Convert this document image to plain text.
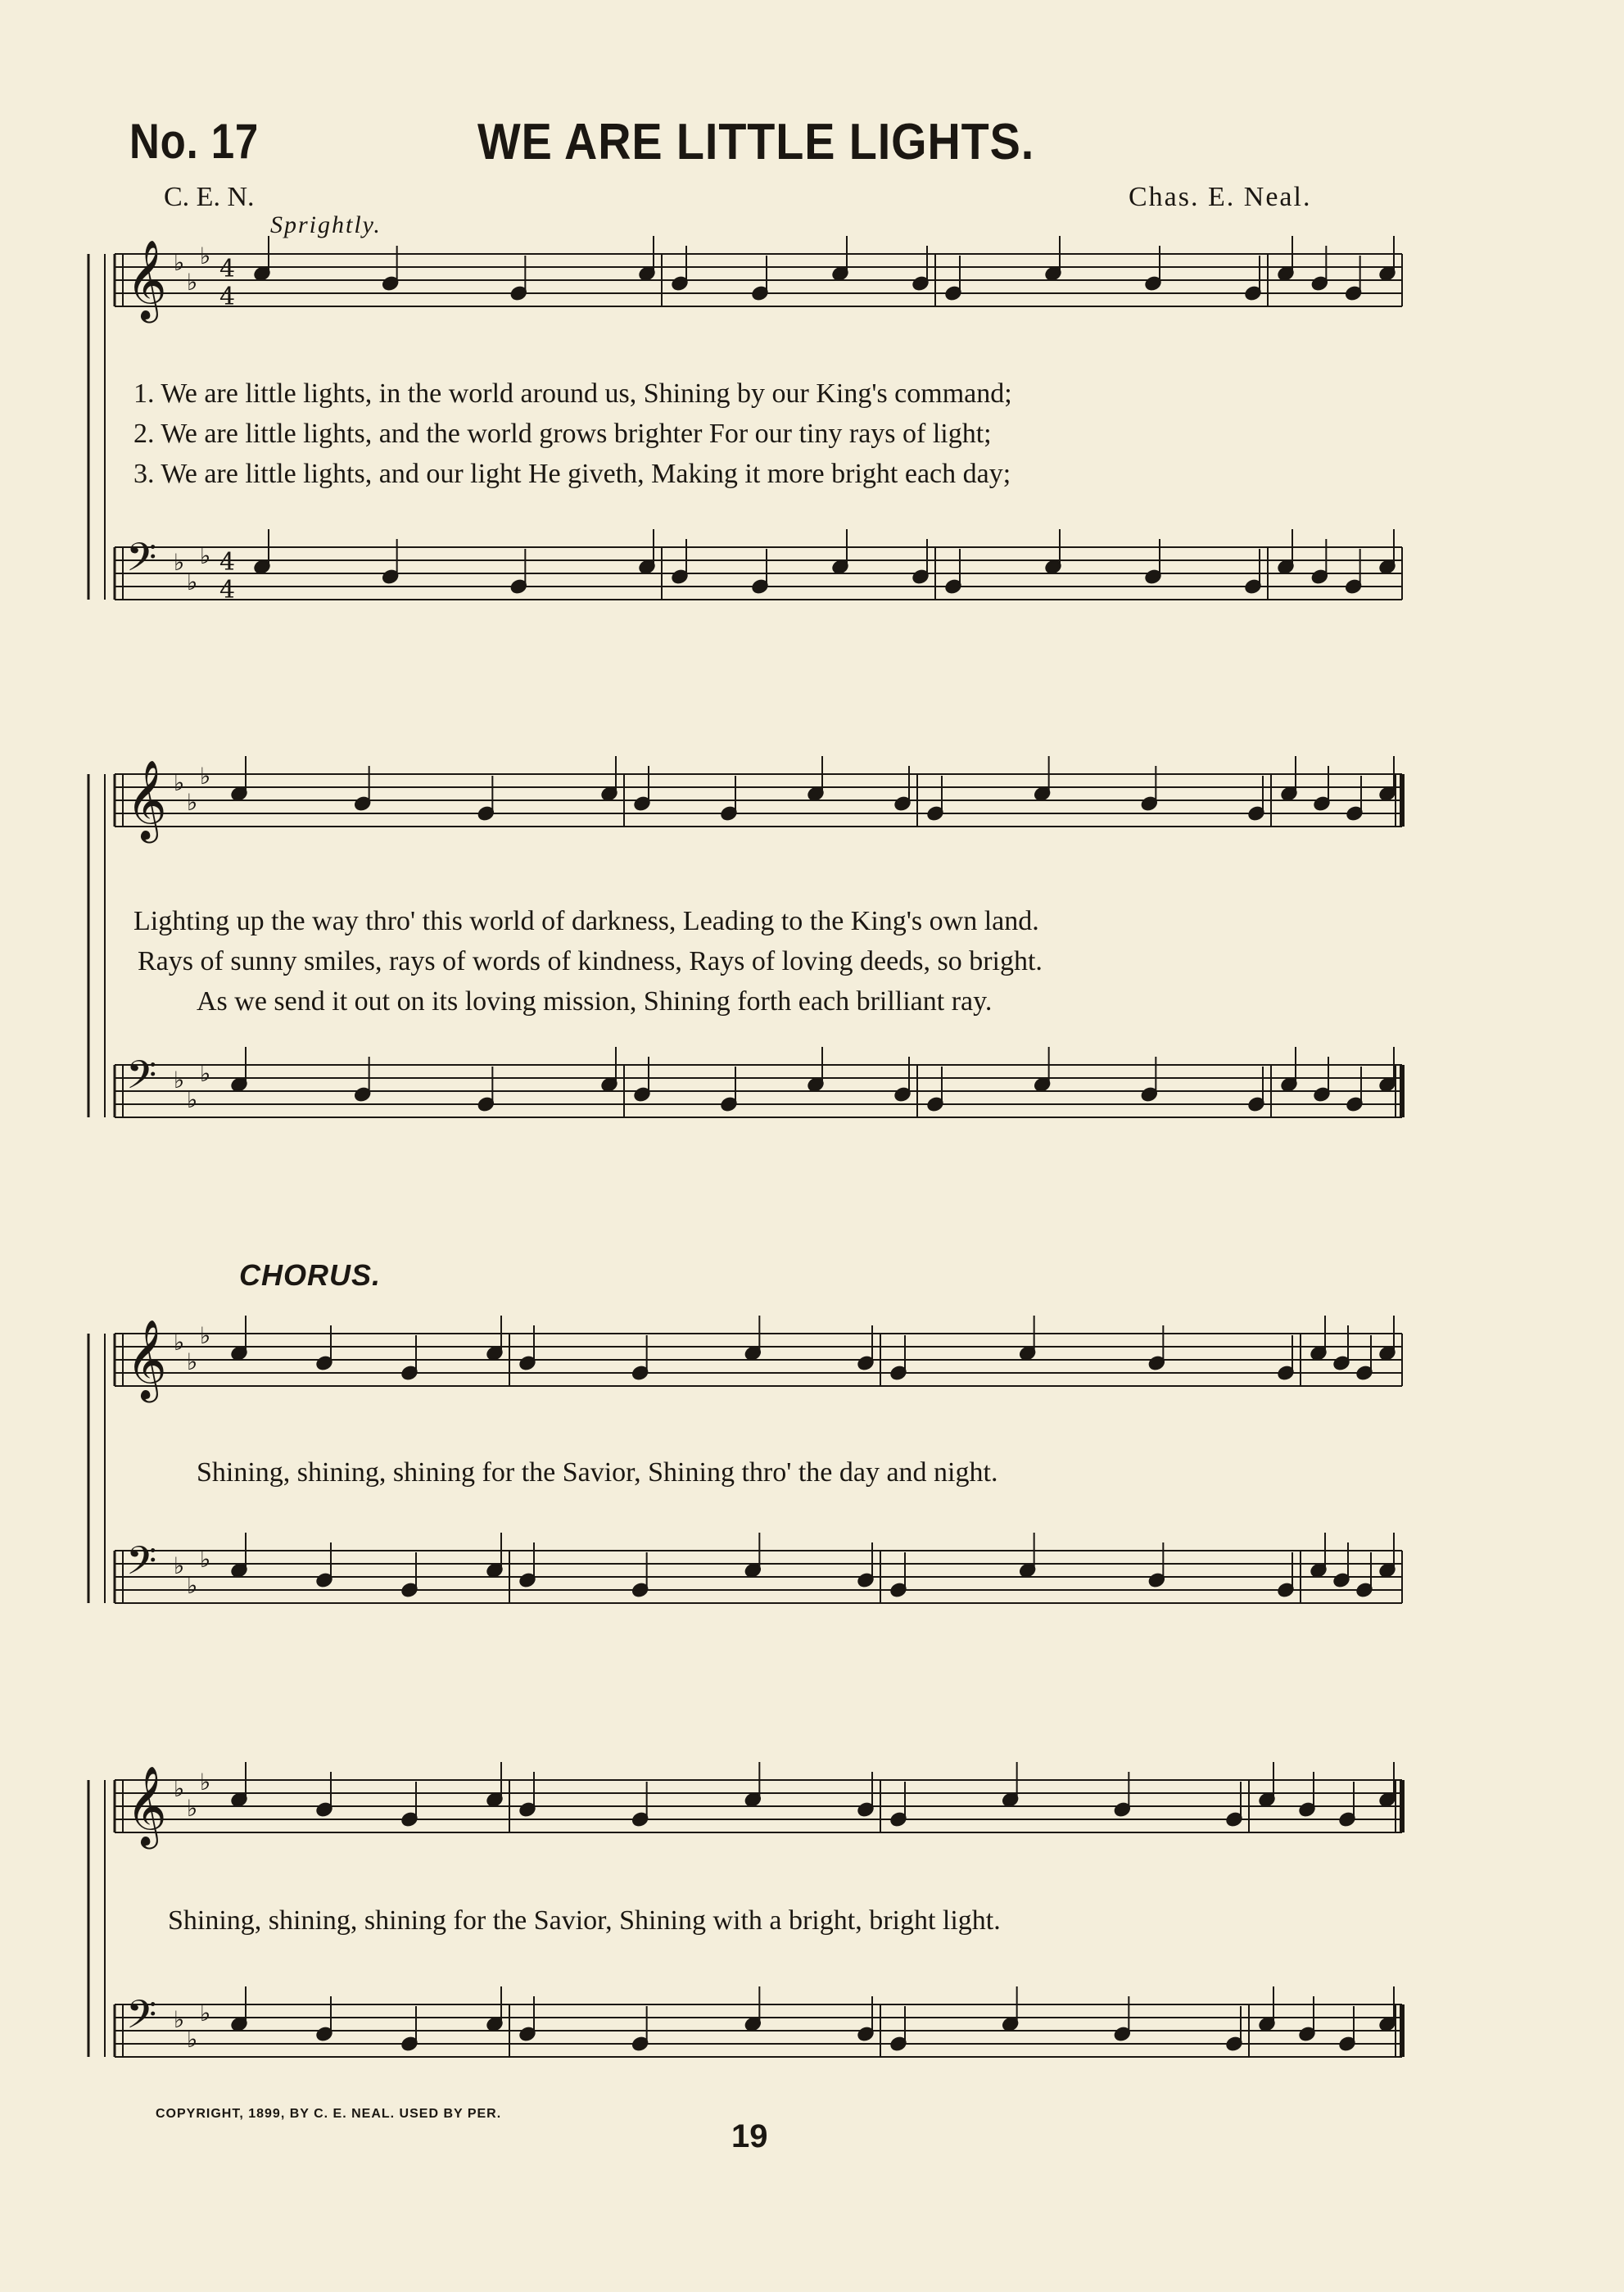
No. 17	WE ARE LITTLE LIGHTS.
C. E. N.
Sprightly.
Chas. E. Neal.
𝄞 ♭
♭
♭ 4
4
𝄢 ♭
♭
♭ 4
4
𝄞 ♭
♭
♭
𝄢 ♭
♭
♭
𝄞 ♭
♭
♭
𝄢 ♭
♭
♭
𝄞 ♭
♭
♭
𝄢 ♭
♭
♭
1. We are little lights, in the world around us, Shining by our King's command;
2. We are little lights, and the world grows brighter For our tiny rays of light;
3. We are little lights, and our light He giveth, Making it more bright each day;
Lighting up the way thro' this world of darkness, Leading to the King's own land.
Rays of sunny smiles, rays of words of kindness, Rays of loving deeds, so bright.
As we send it out on its loving mission, Shining forth each brilliant ray.
CHORUS.
Shining, shining, shining for the Savior, Shining thro' the day and night.
Shining, shining, shining for the Savior, Shining with a bright, bright light.
COPYRIGHT, 1899, BY C. E. NEAL. USED BY PER.
19
